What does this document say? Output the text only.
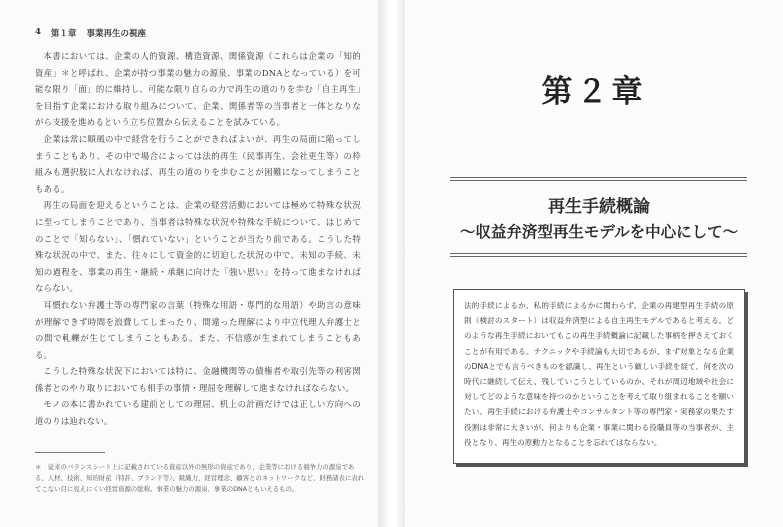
4 第１章 事業再生の視座

本書においては、企業の人的資源、構造資源、関係資源（これらは企業の「知的資産」＊と呼ばれ、企業が持つ事業の魅力の源泉、事業のDNAとなっている）を可能な限り「面」的に維持し、可能な限り自らの力で再生の道のりを歩む「自主再生」を目指す企業における取り組みについて、企業、関係者等の当事者と一体となりながら支援を進めるという立ち位置から伝えることを試みている。

企業は常に順風の中で経営を行うことができればよいが、再生の局面に陥ってしまうこともあり、その中で場合によっては法的再生（民事再生、会社更生等）の枠組みも選択肢に入れなければ、再生の道のりを歩むことが困難になってしまうこともある。

再生の局面を迎えるということは、企業の経営活動においては極めて特殊な状況に至ってしまうことであり、当事者は特殊な状況や特殊な手続について、はじめてのことで「知らない」、「慣れていない」ということが当たり前である。こうした特殊な状況の中で、また、往々にして資金的に切迫した状況の中で、未知の手続、未知の過程を、事業の再生・継続・承継に向けた「強い思い」を持って進まなければならない。

耳慣れない弁護士等の専門家の言葉（特殊な用語・専門的な用語）や助言の意味が理解できず時間を浪費してしまったり、間違った理解により中立代理人弁護士との間で軋轢が生じてしまうこともある。また、不信感が生まれてしまうこともある。

こうした特殊な状況下においては特に、金融機関等の債権者や取引先等の利害関係者とのやり取りにおいても相手の事情・理屈を理解して進まなければならない。

モノの本に書かれている建前としての理屈、机上の計画だけでは正しい方向への道のりは辿れない。

＊　従来のバランスシート上に記載されている資産以外の無形の資産であり、企業等における競争力の源泉である、人材、技術、知的財産（特許、ブランド等）、組織力、経営理念、顧客とのネットワークなど、財務諸表に表れてこない目に見えにくい経営資源の総称。事業の魅力の源泉、事業のDNAともいえるもの。
第２章
再生手続概論
〜収益弁済型再生モデルを中心にして〜

法的手続によるか、私的手続によるかに関わらず、企業の再建型再生手続の原則（検討のスタート）は収益弁済型による自主再生モデルであると考える。どのような再生手続においてもこの再生手続概論に記載した事柄を押さえておくことが有用である。テクニックや手続論も大切であるが、まず対象となる企業のDNAとでも言うべきものを認識し、再生という厳しい手続を経て、何を次の時代に継続して伝え、残していこうとしているのか、それが周辺地域や社会に対してどのような意味を持つのかということを考えて取り組まれることを願いたい。再生手続における弁護士やコンサルタント等の専門家・実務家の果たす役割は非常に大きいが、何よりも企業・事業に関わる役職員等の当事者が、主役となり、再生の原動力となることを忘れてはならない。
